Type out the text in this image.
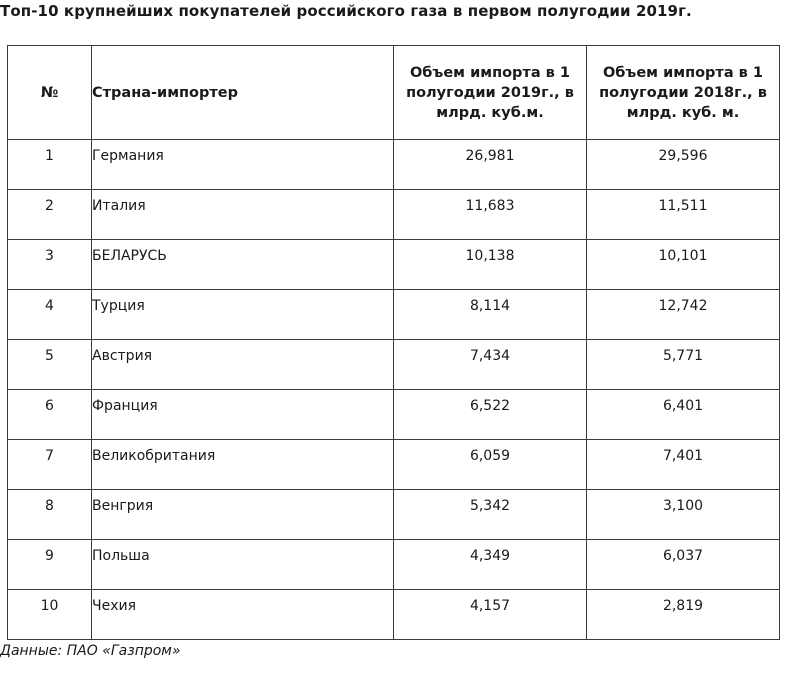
Топ-10 крупнейших покупателей российского газа в первом полугодии 2019г.
№	Страна-импортер	Объем импорта в 1 полугодии 2019г., в млрд. куб.м.	Объем импорта в 1 полугодии 2018г., в млрд. куб. м.
1	Германия	26,981	29,596
2	Италия	11,683	11,511
3	БЕЛАРУСЬ	10,138	10,101
4	Турция	8,114	12,742
5	Австрия	7,434	5,771
6	Франция	6,522	6,401
7	Великобритания	6,059	7,401
8	Венгрия	5,342	3,100
9	Польша	4,349	6,037
10	Чехия	4,157	2,819
Данные: ПАО «Газпром»
